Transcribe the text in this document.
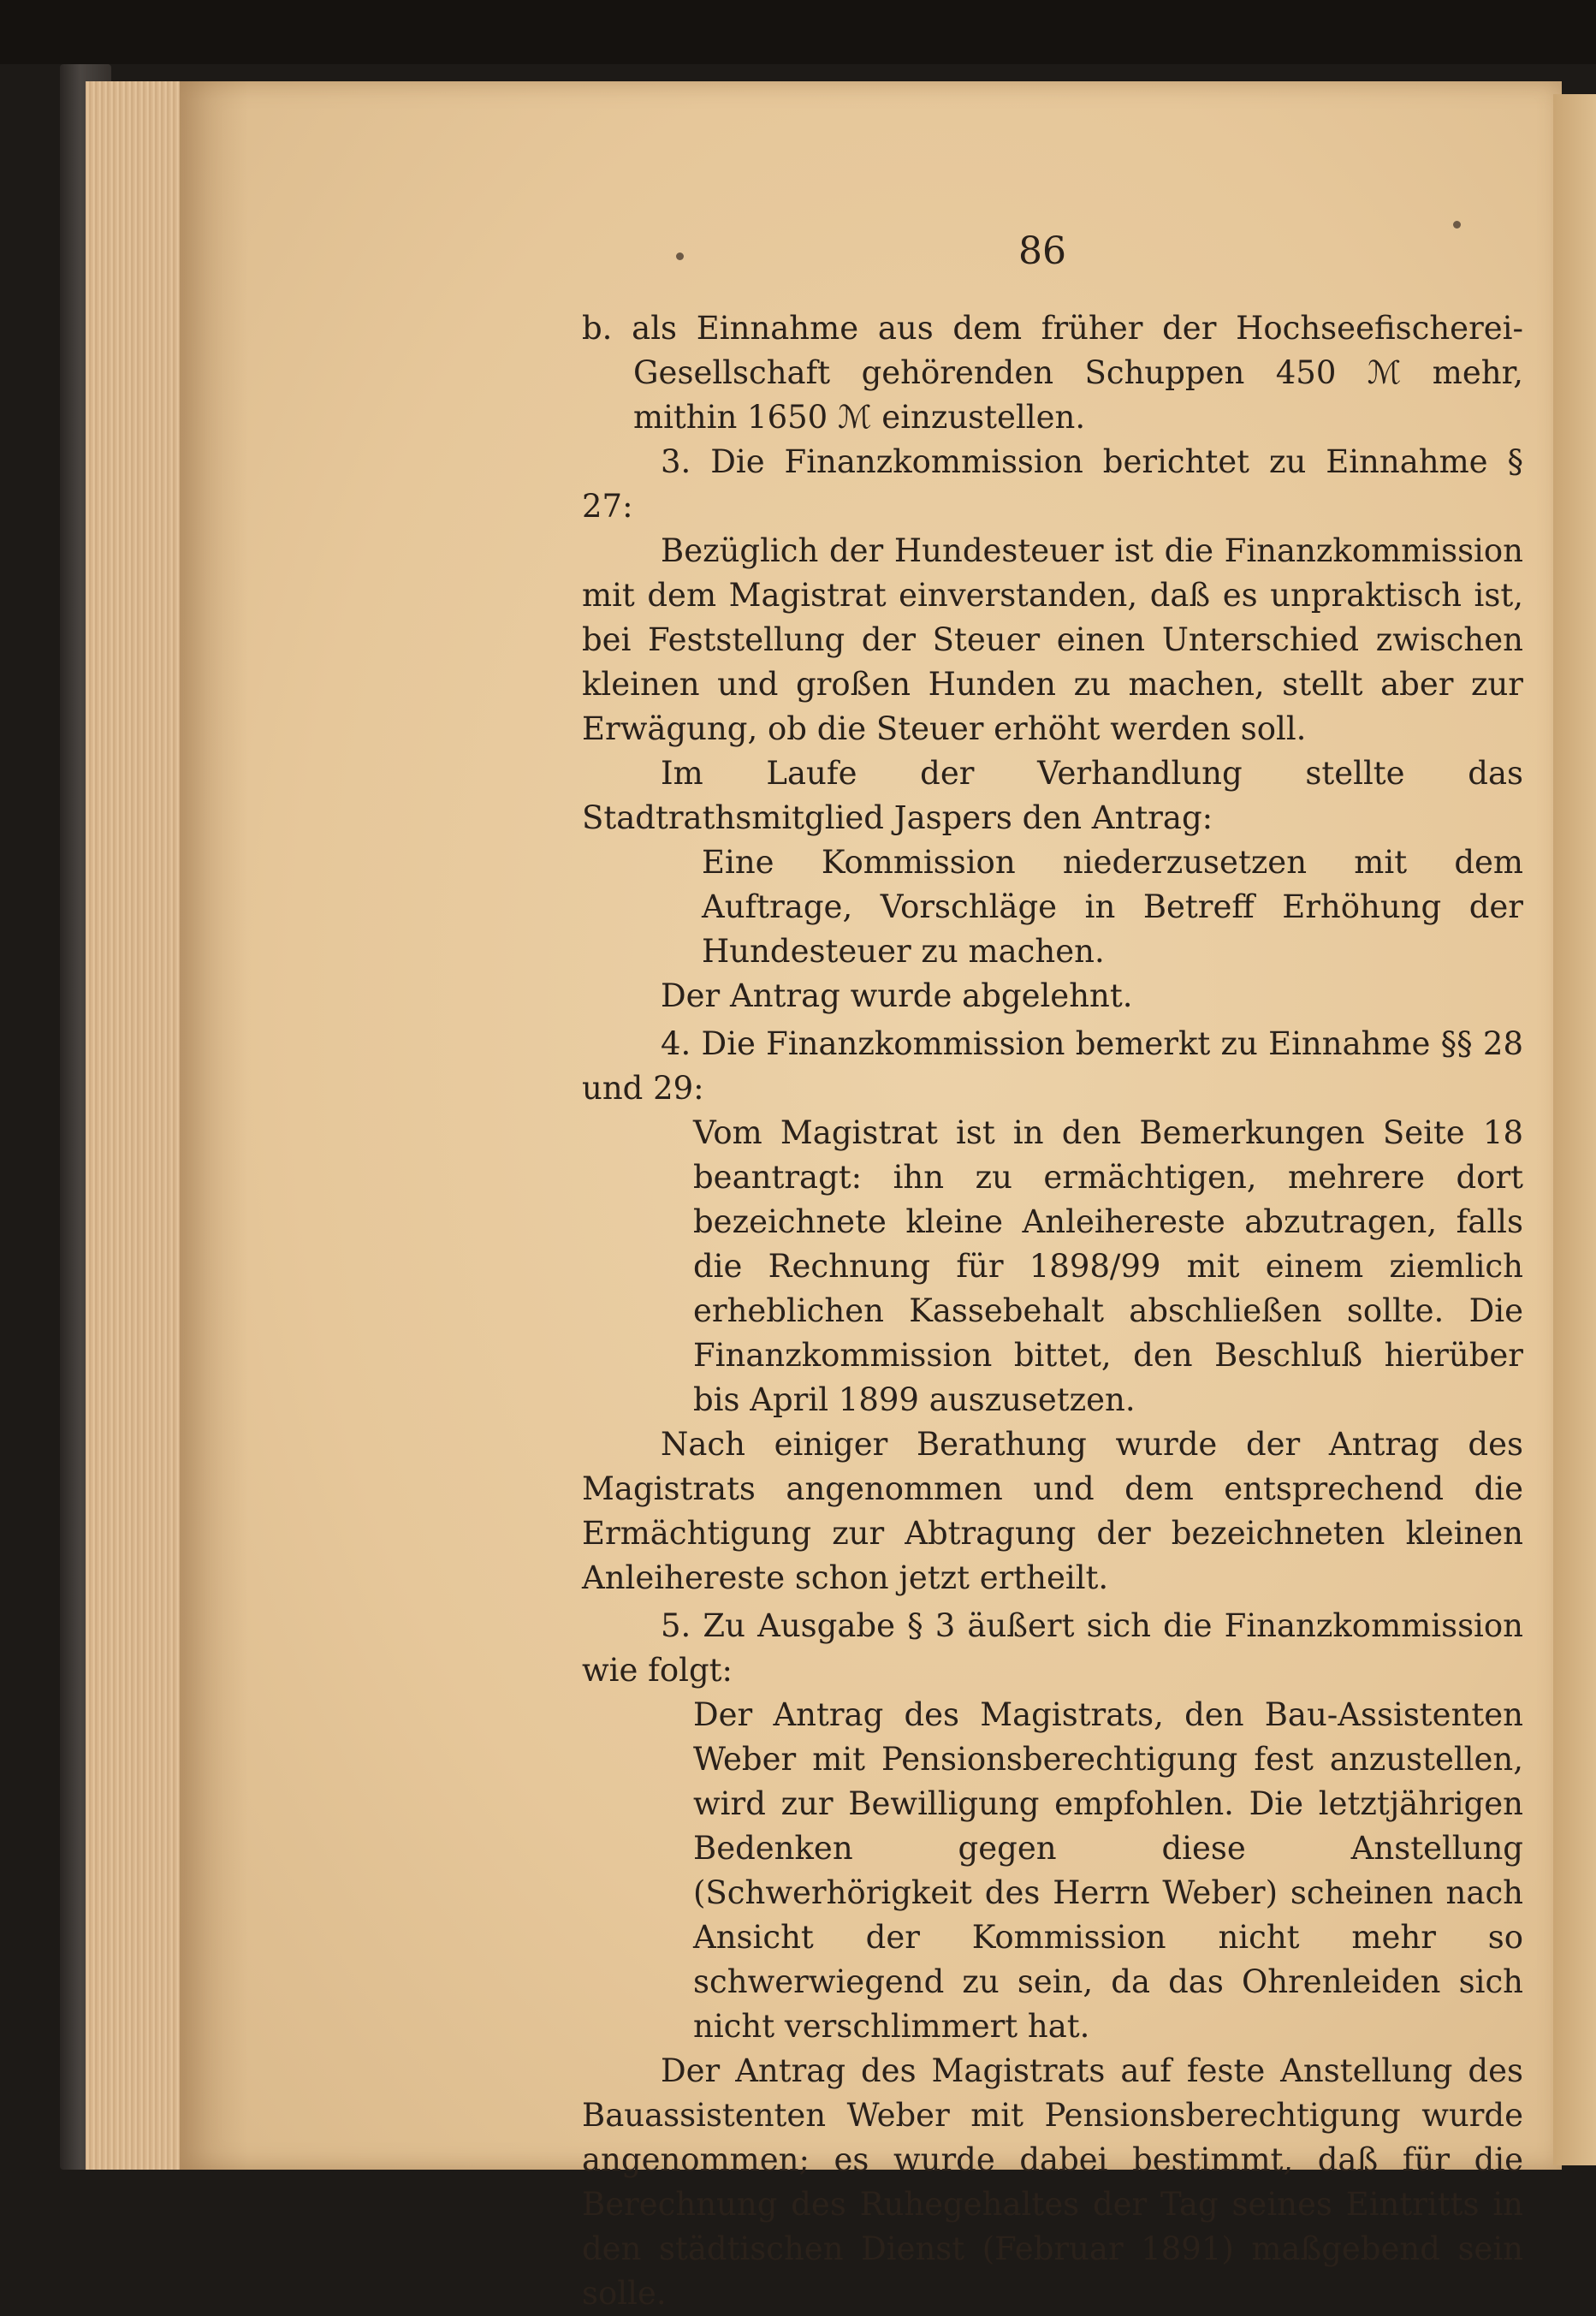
86

b. als Einnahme aus dem früher der Hochseefischerei-Gesellschaft gehörenden Schuppen 450 ℳ mehr, mithin 1650 ℳ einzustellen.

3. Die Finanzkommission berichtet zu Einnahme § 27:

Bezüglich der Hundesteuer ist die Finanzkommission mit dem Magistrat einverstanden, daß es unpraktisch ist, bei Feststellung der Steuer einen Unterschied zwischen kleinen und großen Hunden zu machen, stellt aber zur Erwägung, ob die Steuer erhöht werden soll.

Im Laufe der Verhandlung stellte das Stadtrathsmitglied Jaspers den Antrag:

Eine Kommission niederzusetzen mit dem Auftrage, Vorschläge in Betreff Erhöhung der Hundesteuer zu machen.

Der Antrag wurde abgelehnt.

4. Die Finanzkommission bemerkt zu Einnahme §§ 28 und 29:

Vom Magistrat ist in den Bemerkungen Seite 18 beantragt: ihn zu ermächtigen, mehrere dort bezeichnete kleine Anleihereste abzutragen, falls die Rechnung für 1898/99 mit einem ziemlich erheblichen Kassebehalt abschließen sollte. Die Finanzkommission bittet, den Beschluß hierüber bis April 1899 auszusetzen.

Nach einiger Berathung wurde der Antrag des Magistrats angenommen und dem entsprechend die Ermächtigung zur Abtragung der bezeichneten kleinen Anleihereste schon jetzt ertheilt.

5. Zu Ausgabe § 3 äußert sich die Finanzkommission wie folgt:

Der Antrag des Magistrats, den Bau-Assistenten Weber mit Pensionsberechtigung fest anzustellen, wird zur Bewilligung empfohlen. Die letztjährigen Bedenken gegen diese Anstellung (Schwerhörigkeit des Herrn Weber) scheinen nach Ansicht der Kommission nicht mehr so schwerwiegend zu sein, da das Ohrenleiden sich nicht verschlimmert hat.

Der Antrag des Magistrats auf feste Anstellung des Bauassistenten Weber mit Pensionsberechtigung wurde angenommen; es wurde dabei bestimmt, daß für die Berechnung des Ruhegehaltes der Tag seines Eintritts in den städtischen Dienst (Februar 1891) maßgebend sein solle.
